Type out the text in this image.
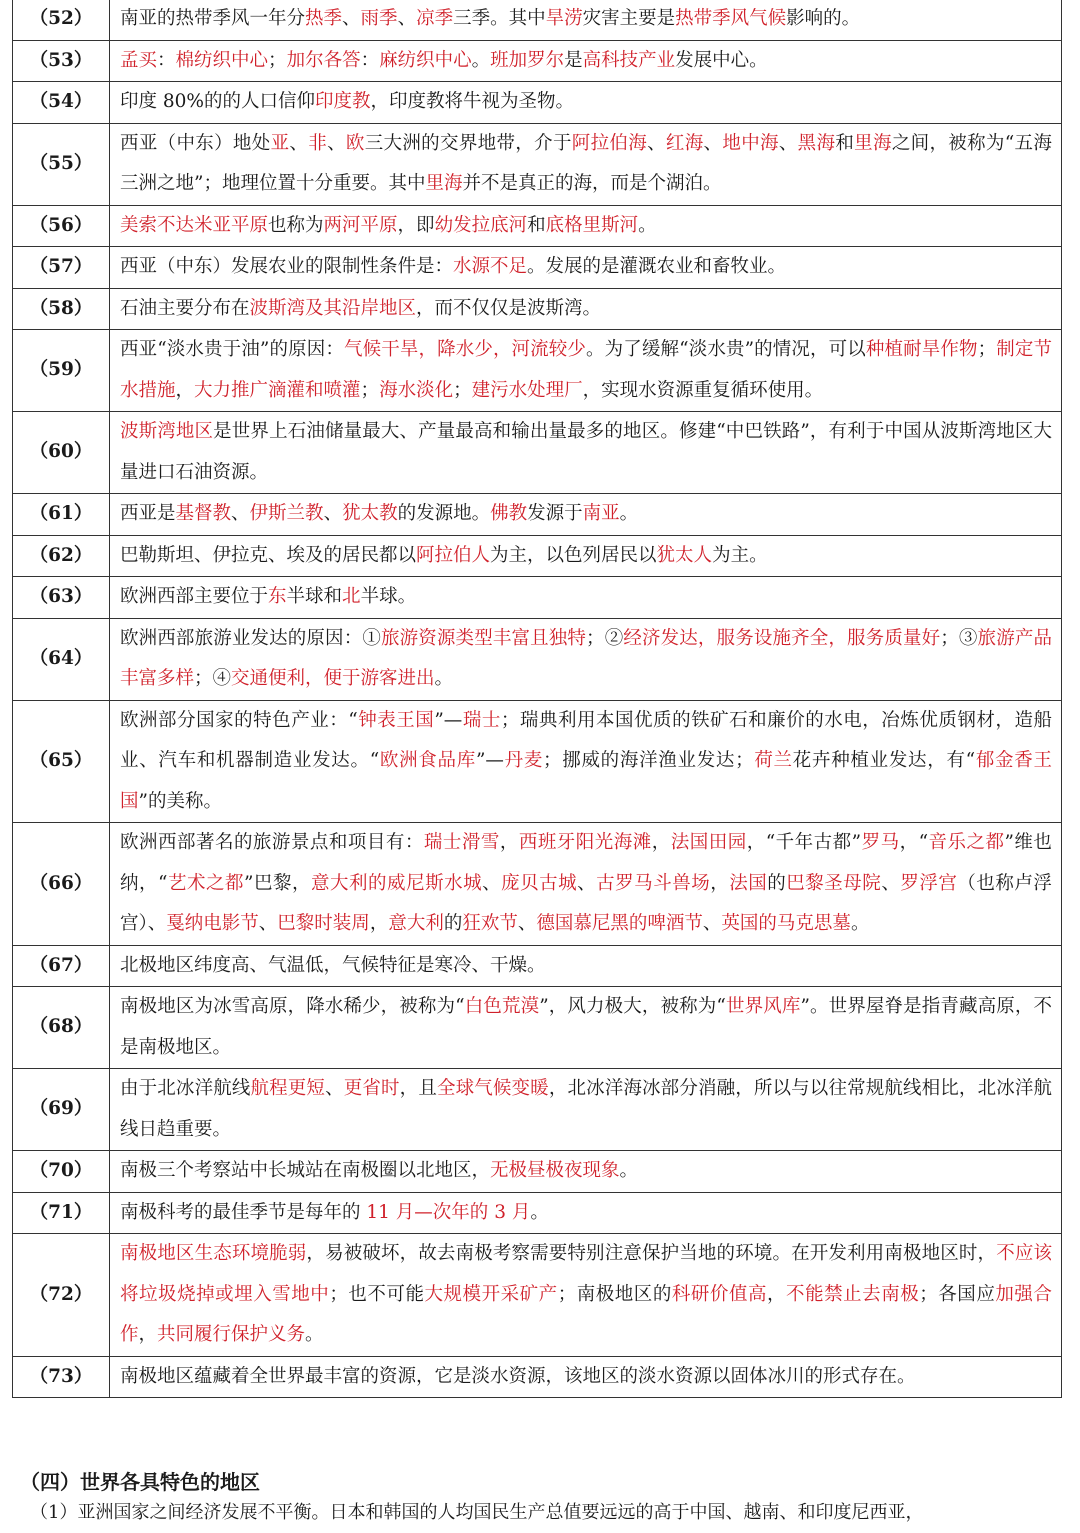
（52）	南亚的热带季风一年分热季、雨季、凉季三季。其中旱涝灾害主要是热带季风气候影响的。
（53）	孟买：棉纺织中心；加尔各答：麻纺织中心。班加罗尔是高科技产业发展中心。
（54）	印度 80%的的人口信仰印度教，印度教将牛视为圣物。
（55）	西亚（中东）地处亚、非、欧三大洲的交界地带，介于阿拉伯海、红海、地中海、黑海和里海之间，被称为“五海三洲之地”；地理位置十分重要。其中里海并不是真正的海，而是个湖泊。
（56）	美索不达米亚平原也称为两河平原，即幼发拉底河和底格里斯河。
（57）	西亚（中东）发展农业的限制性条件是：水源不足。发展的是灌溉农业和畜牧业。
（58）	石油主要分布在波斯湾及其沿岸地区，而不仅仅是波斯湾。
（59）	西亚“淡水贵于油”的原因：气候干旱，降水少，河流较少。为了缓解“淡水贵”的情况，可以种植耐旱作物；制定节水措施，大力推广滴灌和喷灌；海水淡化；建污水处理厂，实现水资源重复循环使用。
（60）	波斯湾地区是世界上石油储量最大、产量最高和输出量最多的地区。修建“中巴铁路”，有利于中国从波斯湾地区大量进口石油资源。
（61）	西亚是基督教、伊斯兰教、犹太教的发源地。佛教发源于南亚。
（62）	巴勒斯坦、伊拉克、埃及的居民都以阿拉伯人为主，以色列居民以犹太人为主。
（63）	欧洲西部主要位于东半球和北半球。
（64）	欧洲西部旅游业发达的原因：①旅游资源类型丰富且独特；②经济发达，服务设施齐全，服务质量好；③旅游产品丰富多样；④交通便利，便于游客进出。
（65）	欧洲部分国家的特色产业：“钟表王国”—瑞士；瑞典利用本国优质的铁矿石和廉价的水电，冶炼优质钢材，造船业、汽车和机器制造业发达。“欧洲食品库”—丹麦；挪威的海洋渔业发达；荷兰花卉种植业发达，有“郁金香王国”的美称。
（66）	欧洲西部著名的旅游景点和项目有：瑞士滑雪，西班牙阳光海滩，法国田园，“千年古都”罗马，“音乐之都”维也纳，“艺术之都”巴黎，意大利的威尼斯水城、庞贝古城、古罗马斗兽场，法国的巴黎圣母院、罗浮宫（也称卢浮宫）、戛纳电影节、巴黎时装周，意大利的狂欢节、德国慕尼黑的啤酒节、英国的马克思墓。
（67）	北极地区纬度高、气温低，气候特征是寒冷、干燥。
（68）	南极地区为冰雪高原，降水稀少，被称为“白色荒漠”，风力极大，被称为“世界风库”。世界屋脊是指青藏高原，不是南极地区。
（69）	由于北冰洋航线航程更短、更省时，且全球气候变暖，北冰洋海冰部分消融，所以与以往常规航线相比，北冰洋航线日趋重要。
（70）	南极三个考察站中长城站在南极圈以北地区，无极昼极夜现象。
（71）	南极科考的最佳季节是每年的 11 月—次年的 3 月。
（72）	南极地区生态环境脆弱，易被破坏，故去南极考察需要特别注意保护当地的环境。在开发利用南极地区时，不应该将垃圾烧掉或埋入雪地中；也不可能大规模开采矿产；南极地区的科研价值高，不能禁止去南极；各国应加强合作，共同履行保护义务。
（73）	南极地区蕴藏着全世界最丰富的资源，它是淡水资源，该地区的淡水资源以固体冰川的形式存在。
（四）世界各具特色的地区

（1）亚洲国家之间经济发展不平衡。日本和韩国的人均国民生产总值要远远的高于中国、越南、和印度尼西亚，
